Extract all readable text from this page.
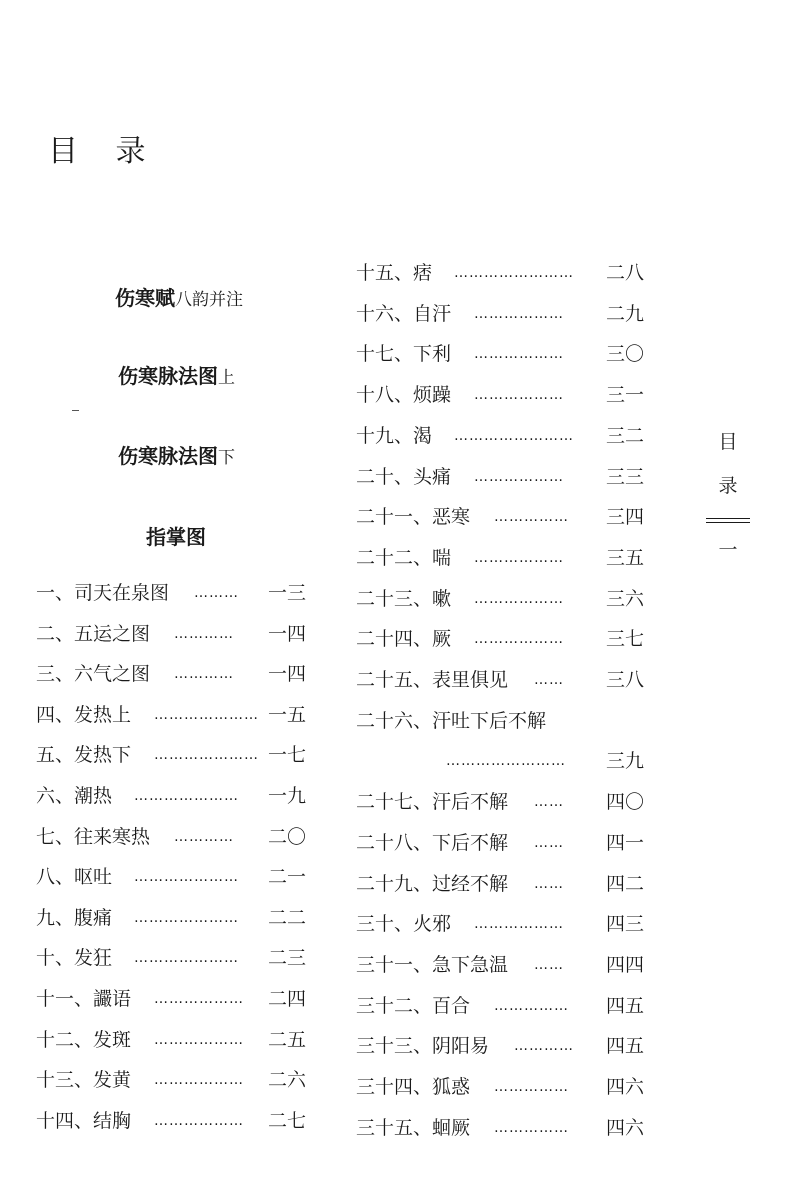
目 录
伤寒赋八韵并注
伤寒脉法图上
伤寒脉法图下
指掌图
一、司天在泉图 ……… 一三
二、五运之图 ………… 一四
三、六气之图 ………… 一四
四、发热上 ………………… 一五
五、发热下 ………………… 一七
六、潮热 ………………… 一九
七、往来寒热 ………… 二〇
八、呕吐 ………………… 二一
九、腹痛 ………………… 二二
十、发狂 ………………… 二三
十一、讝语 ……………… 二四
十二、发斑 ……………… 二五
十三、发黄 ……………… 二六
十四、结胸 ……………… 二七
十五、痞 …………………… 二八
十六、自汗 ……………… 二九
十七、下利 ……………… 三〇
十八、烦躁 ……………… 三一
十九、渴 …………………… 三二
二十、头痛 ……………… 三三
二十一、恶寒 …………… 三四
二十二、喘 ……………… 三五
二十三、嗽 ……………… 三六
二十四、厥 ……………… 三七
二十五、表里俱见 …… 三八
二十六、汗吐下后不解
…………………… 三九
二十七、汗后不解 …… 四〇
二十八、下后不解 …… 四一
二十九、过经不解 …… 四二
三十、火邪 ……………… 四三
三十一、急下急温 …… 四四
三十二、百合 …………… 四五
三十三、阴阳易 ………… 四五
三十四、狐惑 …………… 四六
三十五、蛔厥 …………… 四六
目
录
一
